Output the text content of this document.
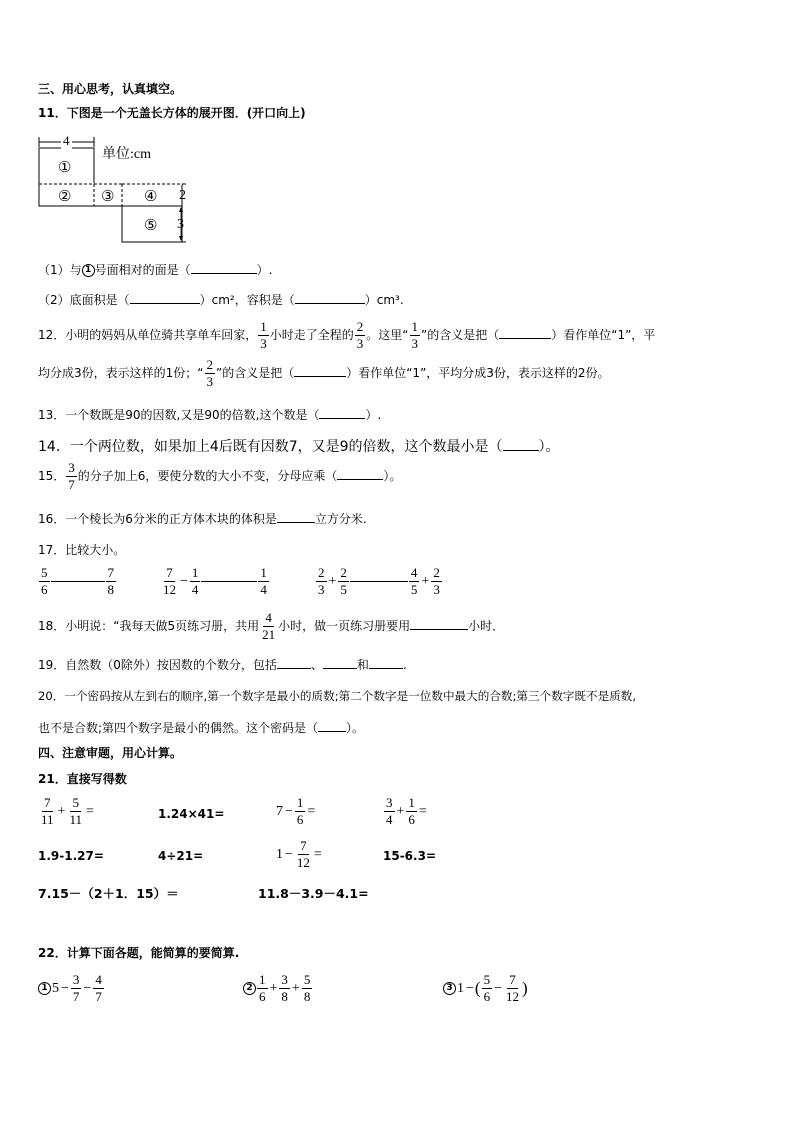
三、用心思考，认真填空。
11．下图是一个无盖长方体的展开图．(开口向上)
4
单位:cm
①
② ③ ④
⑤
2
3
（1）与 1 号面相对的面是（	）.
（2）底面积是（	）cm²，容积是（	）cm³.
12．小明的妈妈从单位骑共享单车回家， $\frac{1}{3}$ 小时走了全程的 $\frac{2}{3}$ 。这里“ $\frac{1}{3}$ ”的含义是把（	）看作单位“1”，平
均分成3份，表示这样的1份；“ $\frac{2}{3}$ ”的含义是把（	）看作单位“1”，平均分成3份，表示这样的2份。
13．一个数既是90的因数,又是90的倍数,这个数是（	）.
14．一个两位数，如果加上4后既有因数7，又是9的倍数，这个数最小是（	）。
15． $\frac{3}{7}$ 的分子加上6，要使分数的大小不变，分母应乘（	）。
16．一个棱长为6分米的正方体木块的体积是	立方分米.
17．比较大小。
$\frac{5}{6}$	$\frac{7}{8}$	$\frac{7}{12} - \frac{1}{4}$	$\frac{1}{4}$	$\frac{2}{3} + \frac{2}{5}$	$\frac{4}{5} + \frac{2}{3}$
18．小明说：“我每天做5页练习册，共用 $\frac{4}{21}$ 小时，做一页练习册要用	小时．
19．自然数（0除外）按因数的个数分，包括	、	和	.
20．一个密码按从左到右的顺序,第一个数字是最小的质数;第二个数字是一位数中最大的合数;第三个数字既不是质数,
也不是合数;第四个数字是最小的偶然。这个密码是（ ）。
四、注意审题，用心计算。
21．直接写得数
$\frac{7}{11} + \frac{5}{11}$ =	1.24×41=	$7 - \frac{1}{6}$ =	$\frac{3}{4} + \frac{1}{6}$ =
1.9-1.27=	4÷21=	$1 - \frac{7}{12}$ =	15-6.3=
7.15－（2＋1．15）＝	11.8－3.9－4.1=
22．计算下面各题，能简算的要简算.
1 $5 - \frac{3}{7} - \frac{4}{7}$	$2 \frac{1}{6} + \frac{3}{8} + \frac{5}{8}$	3 1 −( $\frac{5}{6} - \frac{7}{12}$ )
